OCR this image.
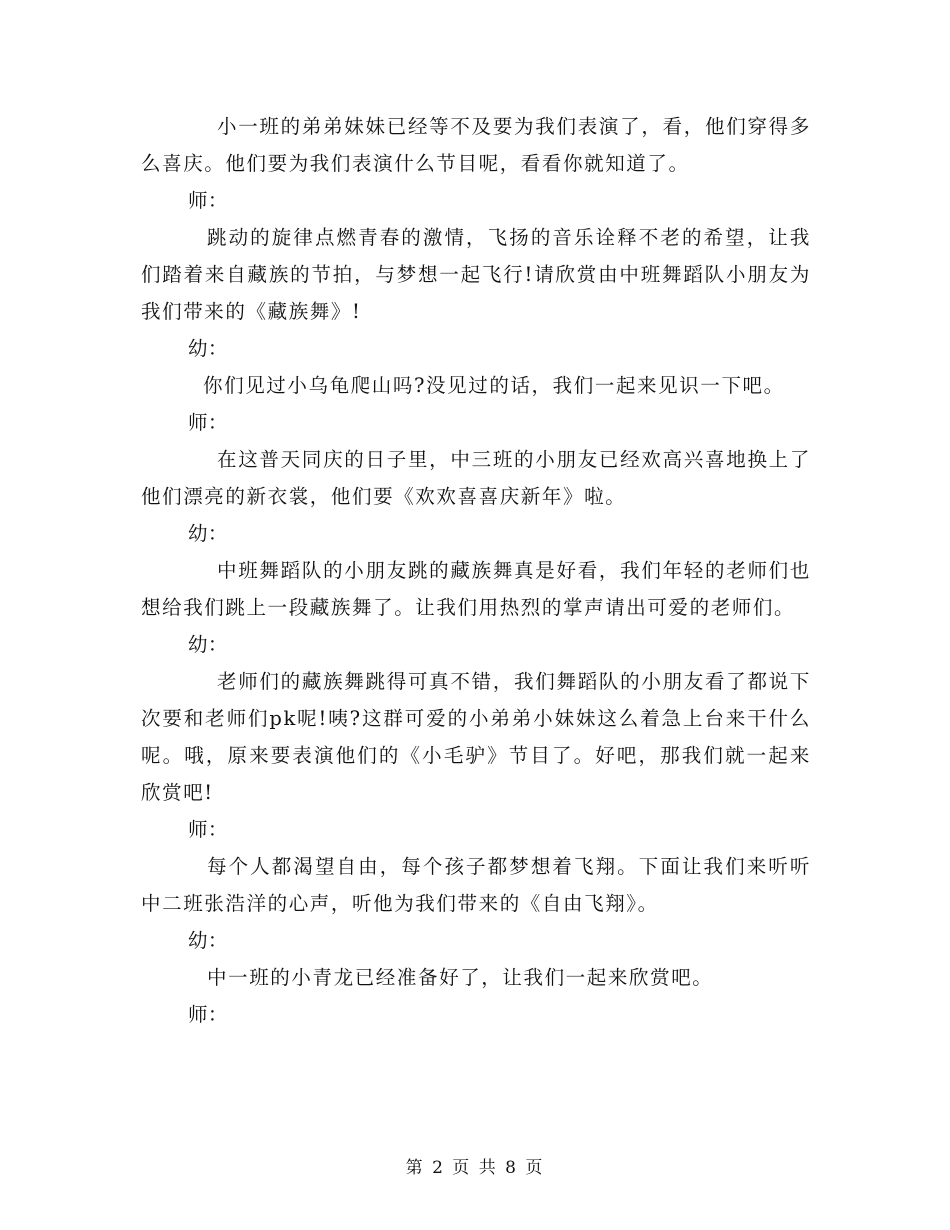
小一班的弟弟妹妹已经等不及要为我们表演了，看，他们穿得多么喜庆。他们要为我们表演什么节目呢，看看你就知道了。
师：
跳动的旋律点燃青春的激情，飞扬的音乐诠释不老的希望，让我们踏着来自藏族的节拍，与梦想一起飞行!请欣赏由中班舞蹈队小朋友为我们带来的《藏族舞》!
幼：
你们见过小乌龟爬山吗?没见过的话，我们一起来见识一下吧。
师：
在这普天同庆的日子里，中三班的小朋友已经欢高兴喜地换上了他们漂亮的新衣裳，他们要《欢欢喜喜庆新年》啦。
幼：
中班舞蹈队的小朋友跳的藏族舞真是好看，我们年轻的老师们也想给我们跳上一段藏族舞了。让我们用热烈的掌声请出可爱的老师们。
幼：
老师们的藏族舞跳得可真不错，我们舞蹈队的小朋友看了都说下次要和老师们pk呢!咦?这群可爱的小弟弟小妹妹这么着急上台来干什么呢。哦，原来要表演他们的《小毛驴》节目了。好吧，那我们就一起来欣赏吧!
师：
每个人都渴望自由，每个孩子都梦想着飞翔。下面让我们来听听中二班张浩洋的心声，听他为我们带来的《自由飞翔》。
幼：
中一班的小青龙已经准备好了，让我们一起来欣赏吧。
师：
第 2 页 共 8 页
